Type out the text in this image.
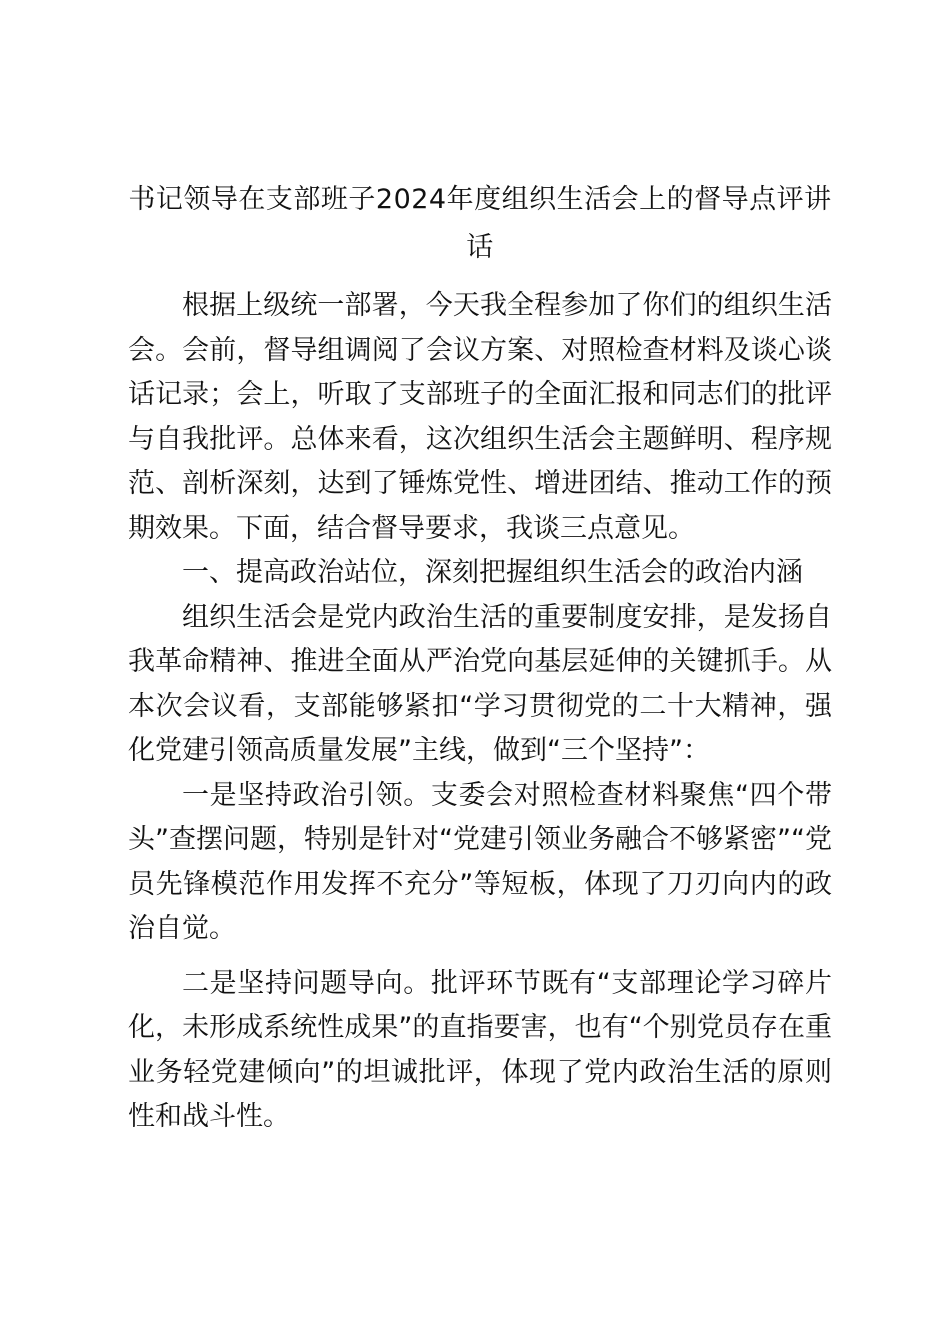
书记领导在支部班子2024年度组织生活会上的督导点评讲话

根据上级统一部署，今天我全程参加了你们的组织生活会。会前，督导组调阅了会议方案、对照检查材料及谈心谈话记录；会上，听取了支部班子的全面汇报和同志们的批评与自我批评。总体来看，这次组织生活会主题鲜明、程序规范、剖析深刻，达到了锤炼党性、增进团结、推动工作的预期效果。下面，结合督导要求，我谈三点意见。

一、提高政治站位，深刻把握组织生活会的政治内涵

组织生活会是党内政治生活的重要制度安排，是发扬自我革命精神、推进全面从严治党向基层延伸的关键抓手。从本次会议看，支部能够紧扣“学习贯彻党的二十大精神，强化党建引领高质量发展”主线，做到“三个坚持”：

一是坚持政治引领。支委会对照检查材料聚焦“四个带头”查摆问题，特别是针对“党建引领业务融合不够紧密”“党员先锋模范作用发挥不充分”等短板，体现了刀刃向内的政治自觉。

二是坚持问题导向。批评环节既有“支部理论学习碎片化，未形成系统性成果”的直指要害，也有“个别党员存在重业务轻党建倾向”的坦诚批评，体现了党内政治生活的原则性和战斗性。
